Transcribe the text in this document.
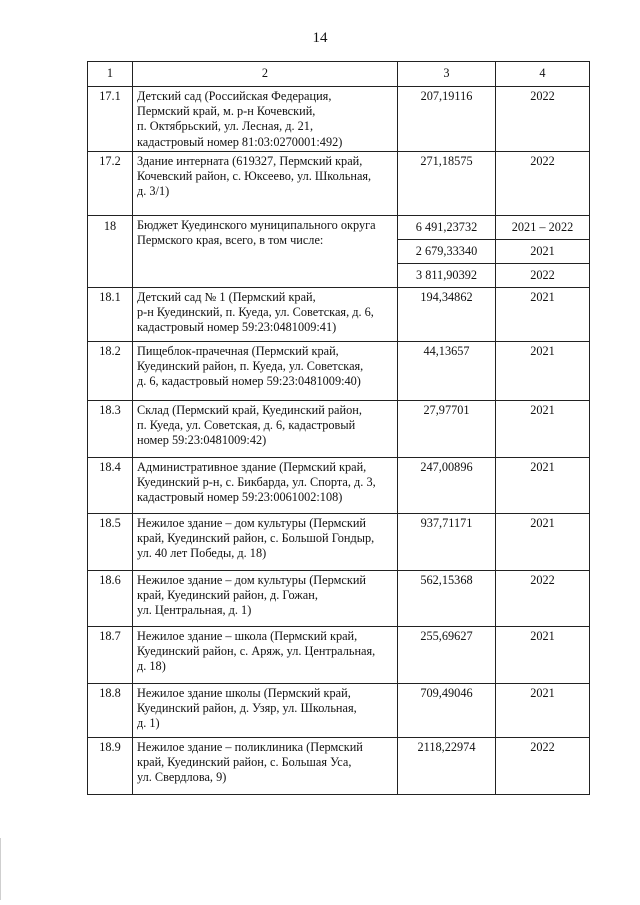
14
1	2	3	4
17.1	Детский сад (Российская Федерация,
Пермский край, м. р-н Кочевский,
п. Октябрьский, ул. Лесная, д. 21,
кадастровый номер 81:03:0270001:492)	207,19116	2022
17.2	Здание интерната (619327, Пермский край,
Кочевский район, с. Юксеево, ул. Школьная,
д. 3/1)	271,18575	2022
18	Бюджет Куединского муниципального округа
Пермского края, всего, в том числе:	6 491,23732	2021 – 2022
		2 679,33340	2021
		3 811,90392	2022
18.1	Детский сад № 1 (Пермский край,
р-н Куединский, п. Куеда, ул. Советская, д. 6,
кадастровый номер 59:23:0481009:41)	194,34862	2021
18.2	Пищеблок-прачечная (Пермский край,
Куединский район, п. Куеда, ул. Советская,
д. 6, кадастровый номер 59:23:0481009:40)	44,13657	2021
18.3	Склад (Пермский край, Куединский район,
п. Куеда, ул. Советская, д. 6, кадастровый
номер 59:23:0481009:42)	27,97701	2021
18.4	Административное здание (Пермский край,
Куединский р-н, с. Бикбарда, ул. Спорта, д. 3,
кадастровый номер 59:23:0061002:108)	247,00896	2021
18.5	Нежилое здание – дом культуры (Пермский
край, Куединский район, с. Большой Гондыр,
ул. 40 лет Победы, д. 18)	937,71171	2021
18.6	Нежилое здание – дом культуры (Пермский
край, Куединский район, д. Гожан,
ул. Центральная, д. 1)	562,15368	2022
18.7	Нежилое здание – школа (Пермский край,
Куединский район, с. Аряж, ул. Центральная,
д. 18)	255,69627	2021
18.8	Нежилое здание школы (Пермский край,
Куединский район, д. Узяр, ул. Школьная,
д. 1)	709,49046	2021
18.9	Нежилое здание – поликлиника (Пермский
край, Куединский район, с. Большая Уса,
ул. Свердлова, 9)	2118,22974	2022
